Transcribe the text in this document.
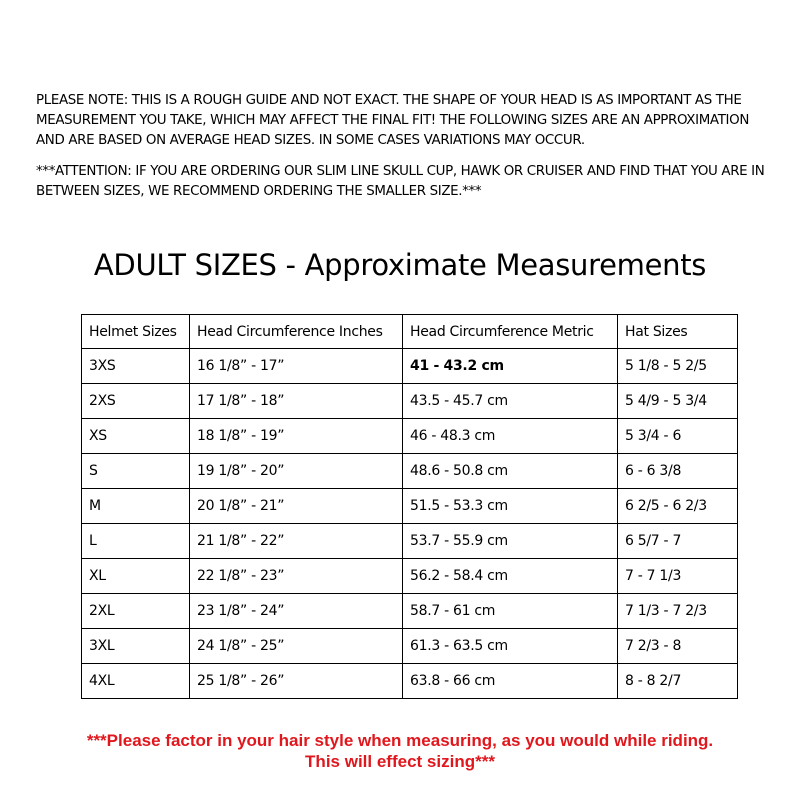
PLEASE NOTE: THIS IS A ROUGH GUIDE AND NOT EXACT. THE SHAPE OF YOUR HEAD IS AS IMPORTANT AS THE MEASUREMENT YOU TAKE, WHICH MAY AFFECT THE FINAL FIT! THE FOLLOWING SIZES ARE AN APPROXIMATION AND ARE BASED ON AVERAGE HEAD SIZES. IN SOME CASES VARIATIONS MAY OCCUR.

***ATTENTION: IF YOU ARE ORDERING OUR SLIM LINE SKULL CUP, HAWK OR CRUISER AND FIND THAT YOU ARE IN BETWEEN SIZES, WE RECOMMEND ORDERING THE SMALLER SIZE.***

ADULT SIZES - Approximate Measurements
Helmet Sizes	Head Circumference Inches	Head Circumference Metric	Hat Sizes
3XS	16 1/8” - 17”	41 - 43.2 cm	5 1/8 - 5 2/5
2XS	17 1/8” - 18”	43.5 - 45.7 cm	5 4/9 - 5 3/4
XS	18 1/8” - 19”	46 - 48.3 cm	5 3/4 - 6
S	19 1/8” - 20”	48.6 - 50.8 cm	6 - 6 3/8
M	20 1/8” - 21”	51.5 - 53.3 cm	6 2/5 - 6 2/3
L	21 1/8” - 22”	53.7 - 55.9 cm	6 5/7 - 7
XL	22 1/8” - 23”	56.2 - 58.4 cm	7 - 7 1/3
2XL	23 1/8” - 24”	58.7 - 61 cm	7 1/3 - 7 2/3
3XL	24 1/8” - 25”	61.3 - 63.5 cm	7 2/3 - 8
4XL	25 1/8” - 26”	63.8 - 66 cm	8 - 8 2/7

***Please factor in your hair style when measuring, as you would while riding.
This will effect sizing***
